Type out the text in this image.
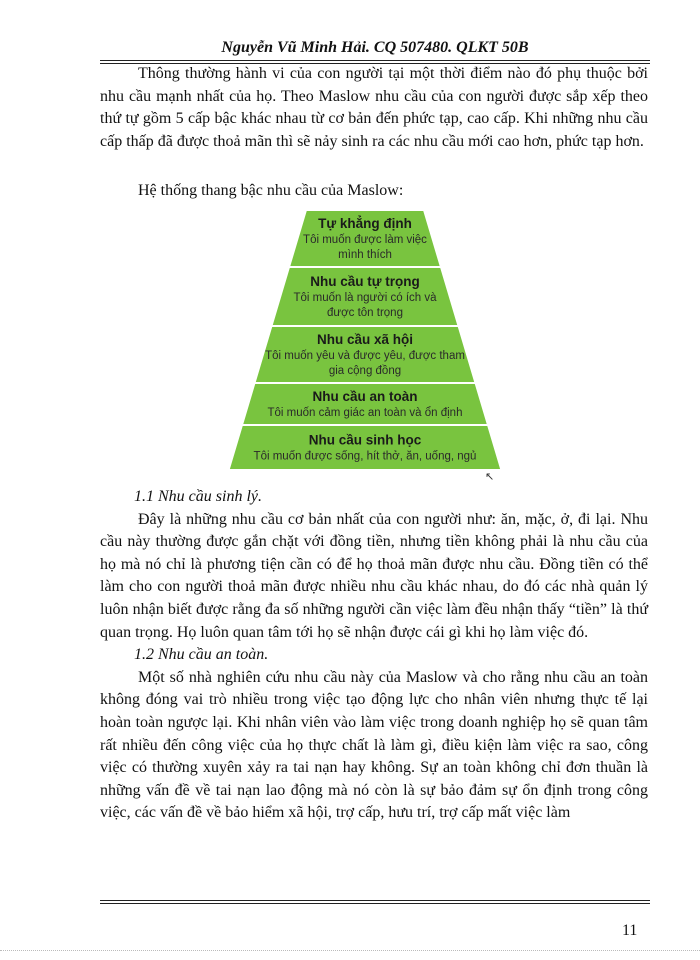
Nguyễn Vũ Minh Hải. CQ 507480. QLKT 50B

Thông thường hành vi của con người tại một thời điểm nào đó phụ thuộc bởi nhu cầu mạnh nhất của họ. Theo Maslow nhu cầu của con người được sắp xếp theo thứ tự gồm 5 cấp bậc khác nhau từ cơ bản đến phức tạp, cao cấp. Khi những nhu cầu cấp thấp đã được thoả mãn thì sẽ nảy sinh ra các nhu cầu mới cao hơn, phức tạp hơn.

Hệ thống thang bậc nhu cầu của Maslow:

Tự khẳng định
Tôi muốn được làm việc
mình thích
Nhu cầu tự trọng
Tôi muốn là người có ích và
được tôn trọng
Nhu cầu xã hội
Tôi muốn yêu và được yêu, được tham
gia cộng đồng
Nhu cầu an toàn
Tôi muốn cảm giác an toàn và ổn định
Nhu cầu sinh học
Tôi muốn được sống, hít thở, ăn, uống, ngủ
↖

1.1 Nhu cầu sinh lý.

Đây là những nhu cầu cơ bản nhất của con người như: ăn, mặc, ở, đi lại. Nhu cầu này thường được gắn chặt với đồng tiền, nhưng tiền không phải là nhu cầu của họ mà nó chỉ là phương tiện cần có để họ thoả mãn được nhu cầu. Đồng tiền có thể làm cho con người thoả mãn được nhiều nhu cầu khác nhau, do đó các nhà quản lý luôn nhận biết được rằng đa số những người cần việc làm đều nhận thấy “tiền” là thứ quan trọng. Họ luôn quan tâm tới họ sẽ nhận được cái gì khi họ làm việc đó.

1.2 Nhu cầu an toàn.

Một số nhà nghiên cứu nhu cầu này của Maslow và cho rằng nhu cầu an toàn không đóng vai trò nhiều trong việc tạo động lực cho nhân viên nhưng thực tế lại hoàn toàn ngược lại. Khi nhân viên vào làm việc trong doanh nghiệp họ sẽ quan tâm rất nhiều đến công việc của họ thực chất là làm gì, điều kiện làm việc ra sao, công việc có thường xuyên xảy ra tai nạn hay không. Sự an toàn không chỉ đơn thuần là những vấn đề về tai nạn lao động mà nó còn là sự bảo đảm sự ổn định trong công việc, các vấn đề về bảo hiểm xã hội, trợ cấp, hưu trí, trợ cấp mất việc làm

11
